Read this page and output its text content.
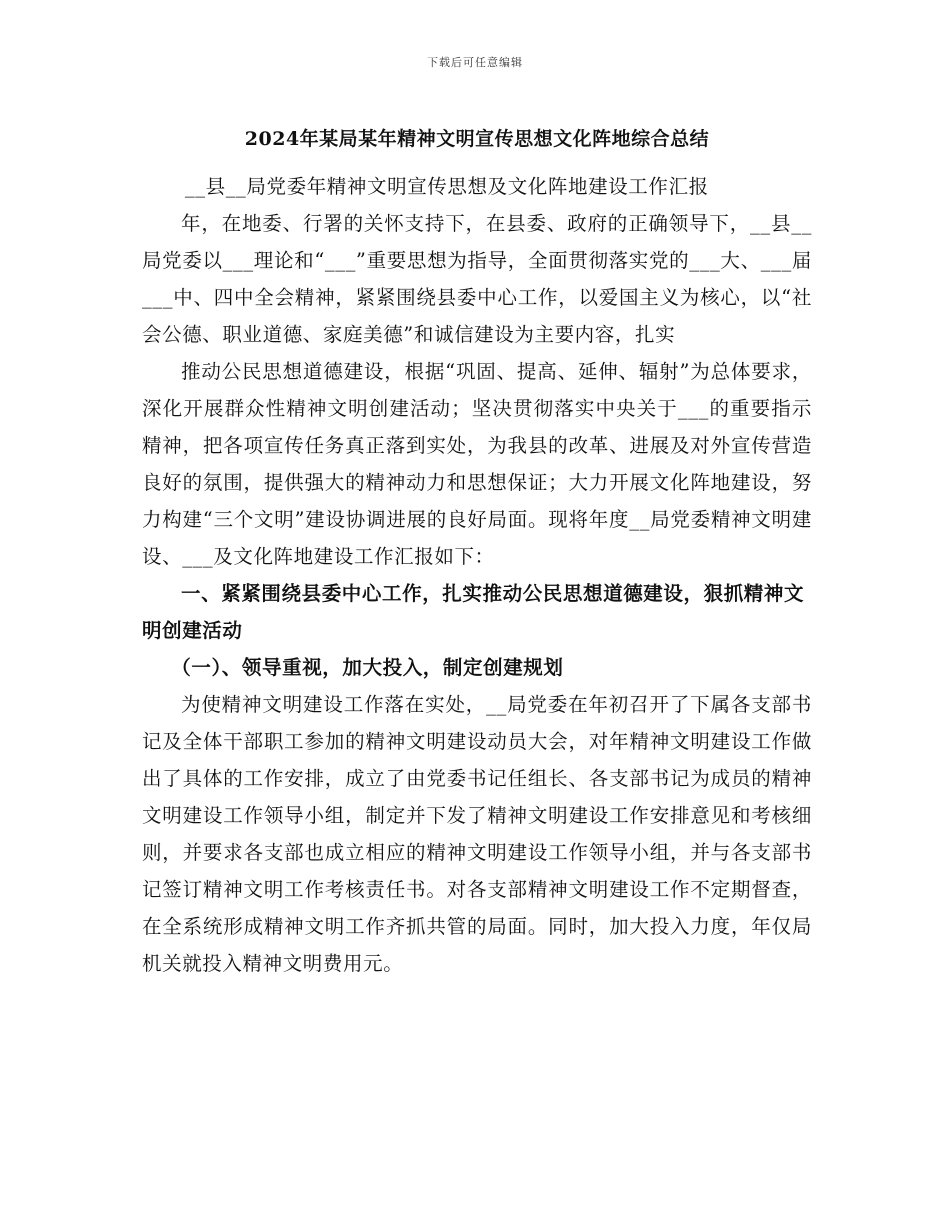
下载后可任意编辑
2024年某局某年精神文明宣传思想文化阵地综合总结

__县__局党委年精神文明宣传思想及文化阵地建设工作汇报

年，在地委、行署的关怀支持下，在县委、政府的正确领导下，__县__局党委以___理论和“___”重要思想为指导，全面贯彻落实党的___大、___届___中、四中全会精神，紧紧围绕县委中心工作，以爱国主义为核心，以“社会公德、职业道德、家庭美德”和诚信建设为主要内容，扎实

推动公民思想道德建设，根据“巩固、提高、延伸、辐射”为总体要求，深化开展群众性精神文明创建活动；坚决贯彻落实中央关于___的重要指示精神，把各项宣传任务真正落到实处，为我县的改革、进展及对外宣传营造良好的氛围，提供强大的精神动力和思想保证；大力开展文化阵地建设，努力构建“三个文明”建设协调进展的良好局面。现将年度__局党委精神文明建设、___及文化阵地建设工作汇报如下：

一、紧紧围绕县委中心工作，扎实推动公民思想道德建设，狠抓精神文明创建活动

（一）、领导重视，加大投入，制定创建规划

为使精神文明建设工作落在实处，__局党委在年初召开了下属各支部书记及全体干部职工参加的精神文明建设动员大会，对年精神文明建设工作做出了具体的工作安排，成立了由党委书记任组长、各支部书记为成员的精神文明建设工作领导小组，制定并下发了精神文明建设工作安排意见和考核细则，并要求各支部也成立相应的精神文明建设工作领导小组，并与各支部书记签订精神文明工作考核责任书。对各支部精神文明建设工作不定期督查，在全系统形成精神文明工作齐抓共管的局面。同时，加大投入力度，年仅局机关就投入精神文明费用元。
